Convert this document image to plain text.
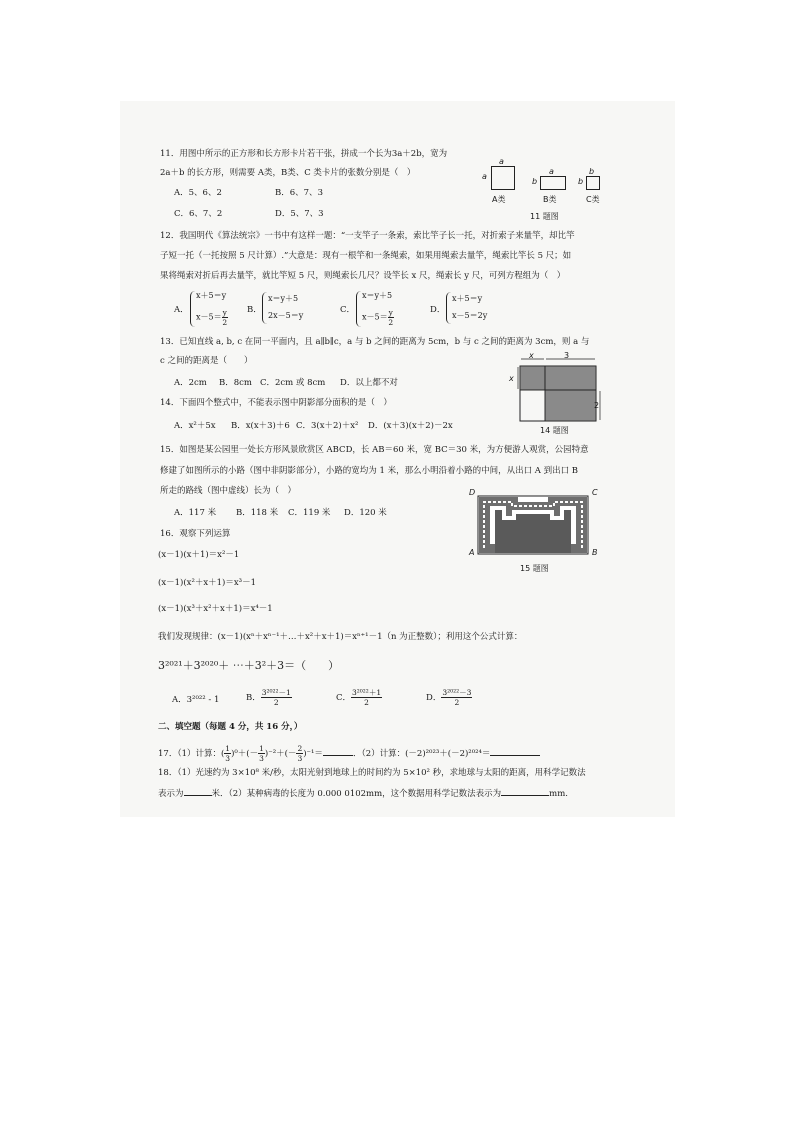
11．用图中所示的正方形和长方形卡片若干张，拼成一个长为3a＋2b，宽为
2a＋b 的长方形，则需要 A类，B类、C 类卡片的张数分别是（　）
A．5、6、2	B．6、7、3
C．6、7、2	D．5、7、3
a
a
a
b
b
b
A类	B类	C类
11 题图
12．我国明代《算法统宗》一书中有这样一题：“一支竿子一条索，索比竿子长一托，对折索子来量竿，却比竿
子短一托（一托按照 5 尺计算）.”大意是：现有一根竿和一条绳索，如果用绳索去量竿，绳索比竿长 5 尺；如
果将绳索对折后再去量竿，就比竿短 5 尺，则绳索长几尺？设竿长 x 尺，绳索长 y 尺，可列方程组为（　）
A．
x＋5＝y
$x-5= \frac{y}{2}$ B．
x＝y＋5
2x－5＝y
C．
x＝y＋5
$x-5= \frac{y}{2}$	D．
x＋5＝y
x－5＝2y
13．已知直线 a, b, c 在同一平面内，且 a∥b∥c，a 与 b 之间的距离为 5cm，b 与 c 之间的距离为 3cm，则 a 与
c 之间的距离是（　　）
A．2cm B．8cm C．2cm 或 8cm D．以上都不对
x	3
x
2
14 题图
14．下面四个整式中，不能表示图中阴影部分面积的是（　）
A．x²＋5x B．x(x＋3)＋6 C．3(x＋2)＋x² D．(x＋3)(x＋2)－2x
15．如图是某公园里一处长方形风景欣赏区 ABCD，长 AB＝60 米，宽 BC＝30 米，为方便游人观赏，公园特意
修建了如图所示的小路（图中非阴影部分），小路的宽均为 1 米，那么小明沿着小路的中间，从出口 A 到出口 B
所走的路线（图中虚线）长为（　）
A．117 米 B．118 米 C．119 米 D．120 米
D	C
A	B
15 题图
16．观察下列运算
(x－1)(x＋1)＝x²－1
(x－1)(x²＋x＋1)＝x³－1
(x－1)(x³＋x²＋x＋1)＝x⁴－1
我们发现规律：(x－1)(xⁿ＋xⁿ⁻¹＋…＋x²＋x＋1)＝xⁿ⁺¹－1（n 为正整数）；利用这个公式计算：
3²⁰²¹＋3²⁰²⁰＋ ⋯＋3²＋3＝（　　）
A．3²⁰²² - 1	B． $\frac{\text{3²⁰²²－1}}{2}$	C． $\frac{\text{3²⁰²²＋1}}{2}$	D． $\frac{\text{3²⁰²²－3}}{2}$
二、填空题（每题 4 分，共 16 分，）
17．（1）计算：( $\frac{1}{3} )^0+(- \frac{1}{3} )^{-2}+(- \frac{2}{3} )^{-1}=$	．（2）计算：(－2)²⁰²³＋(－2)²⁰²⁴＝
18．（1）光速约为 3×10⁸ 米/秒，太阳光射到地球上的时间约为 5×10² 秒，求地球与太阳的距离，用科学记数法
表示为	米．（2）某种病毒的长度为 0.000 0102mm，这个数据用科学记数法表示为	mm.
